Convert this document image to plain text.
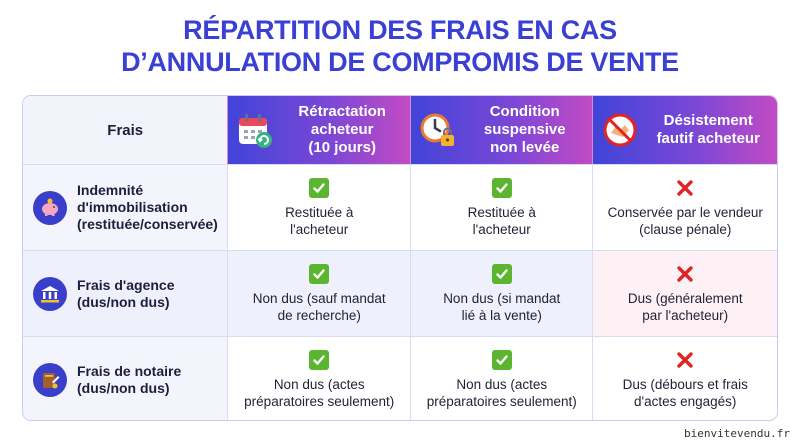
RÉPARTITION DES FRAIS EN CAS
D’ANNULATION DE COMPROMIS DE VENTE
Frais
Rétractation
acheteur
(10 jours)
Condition
suspensive
non levée
Désistement
fautif acheteur
Indemnité
d'immobilisation
(restituée/conservée)
Restituée à
l'acheteur
Restituée à
l'acheteur
Conservée par le vendeur
(clause pénale)
Frais d'agence
(dus/non dus)	Non dus (sauf mandat
de recherche)
Non dus (si mandat
lié à la vente)
Dus (généralement
par l'acheteur)
Frais de notaire
(dus/non dus)	Non dus (actes
préparatoires seulement)
Non dus (actes
préparatoires seulement)
Dus (débours et frais
d'actes engagés)
bienvitevendu.fr
